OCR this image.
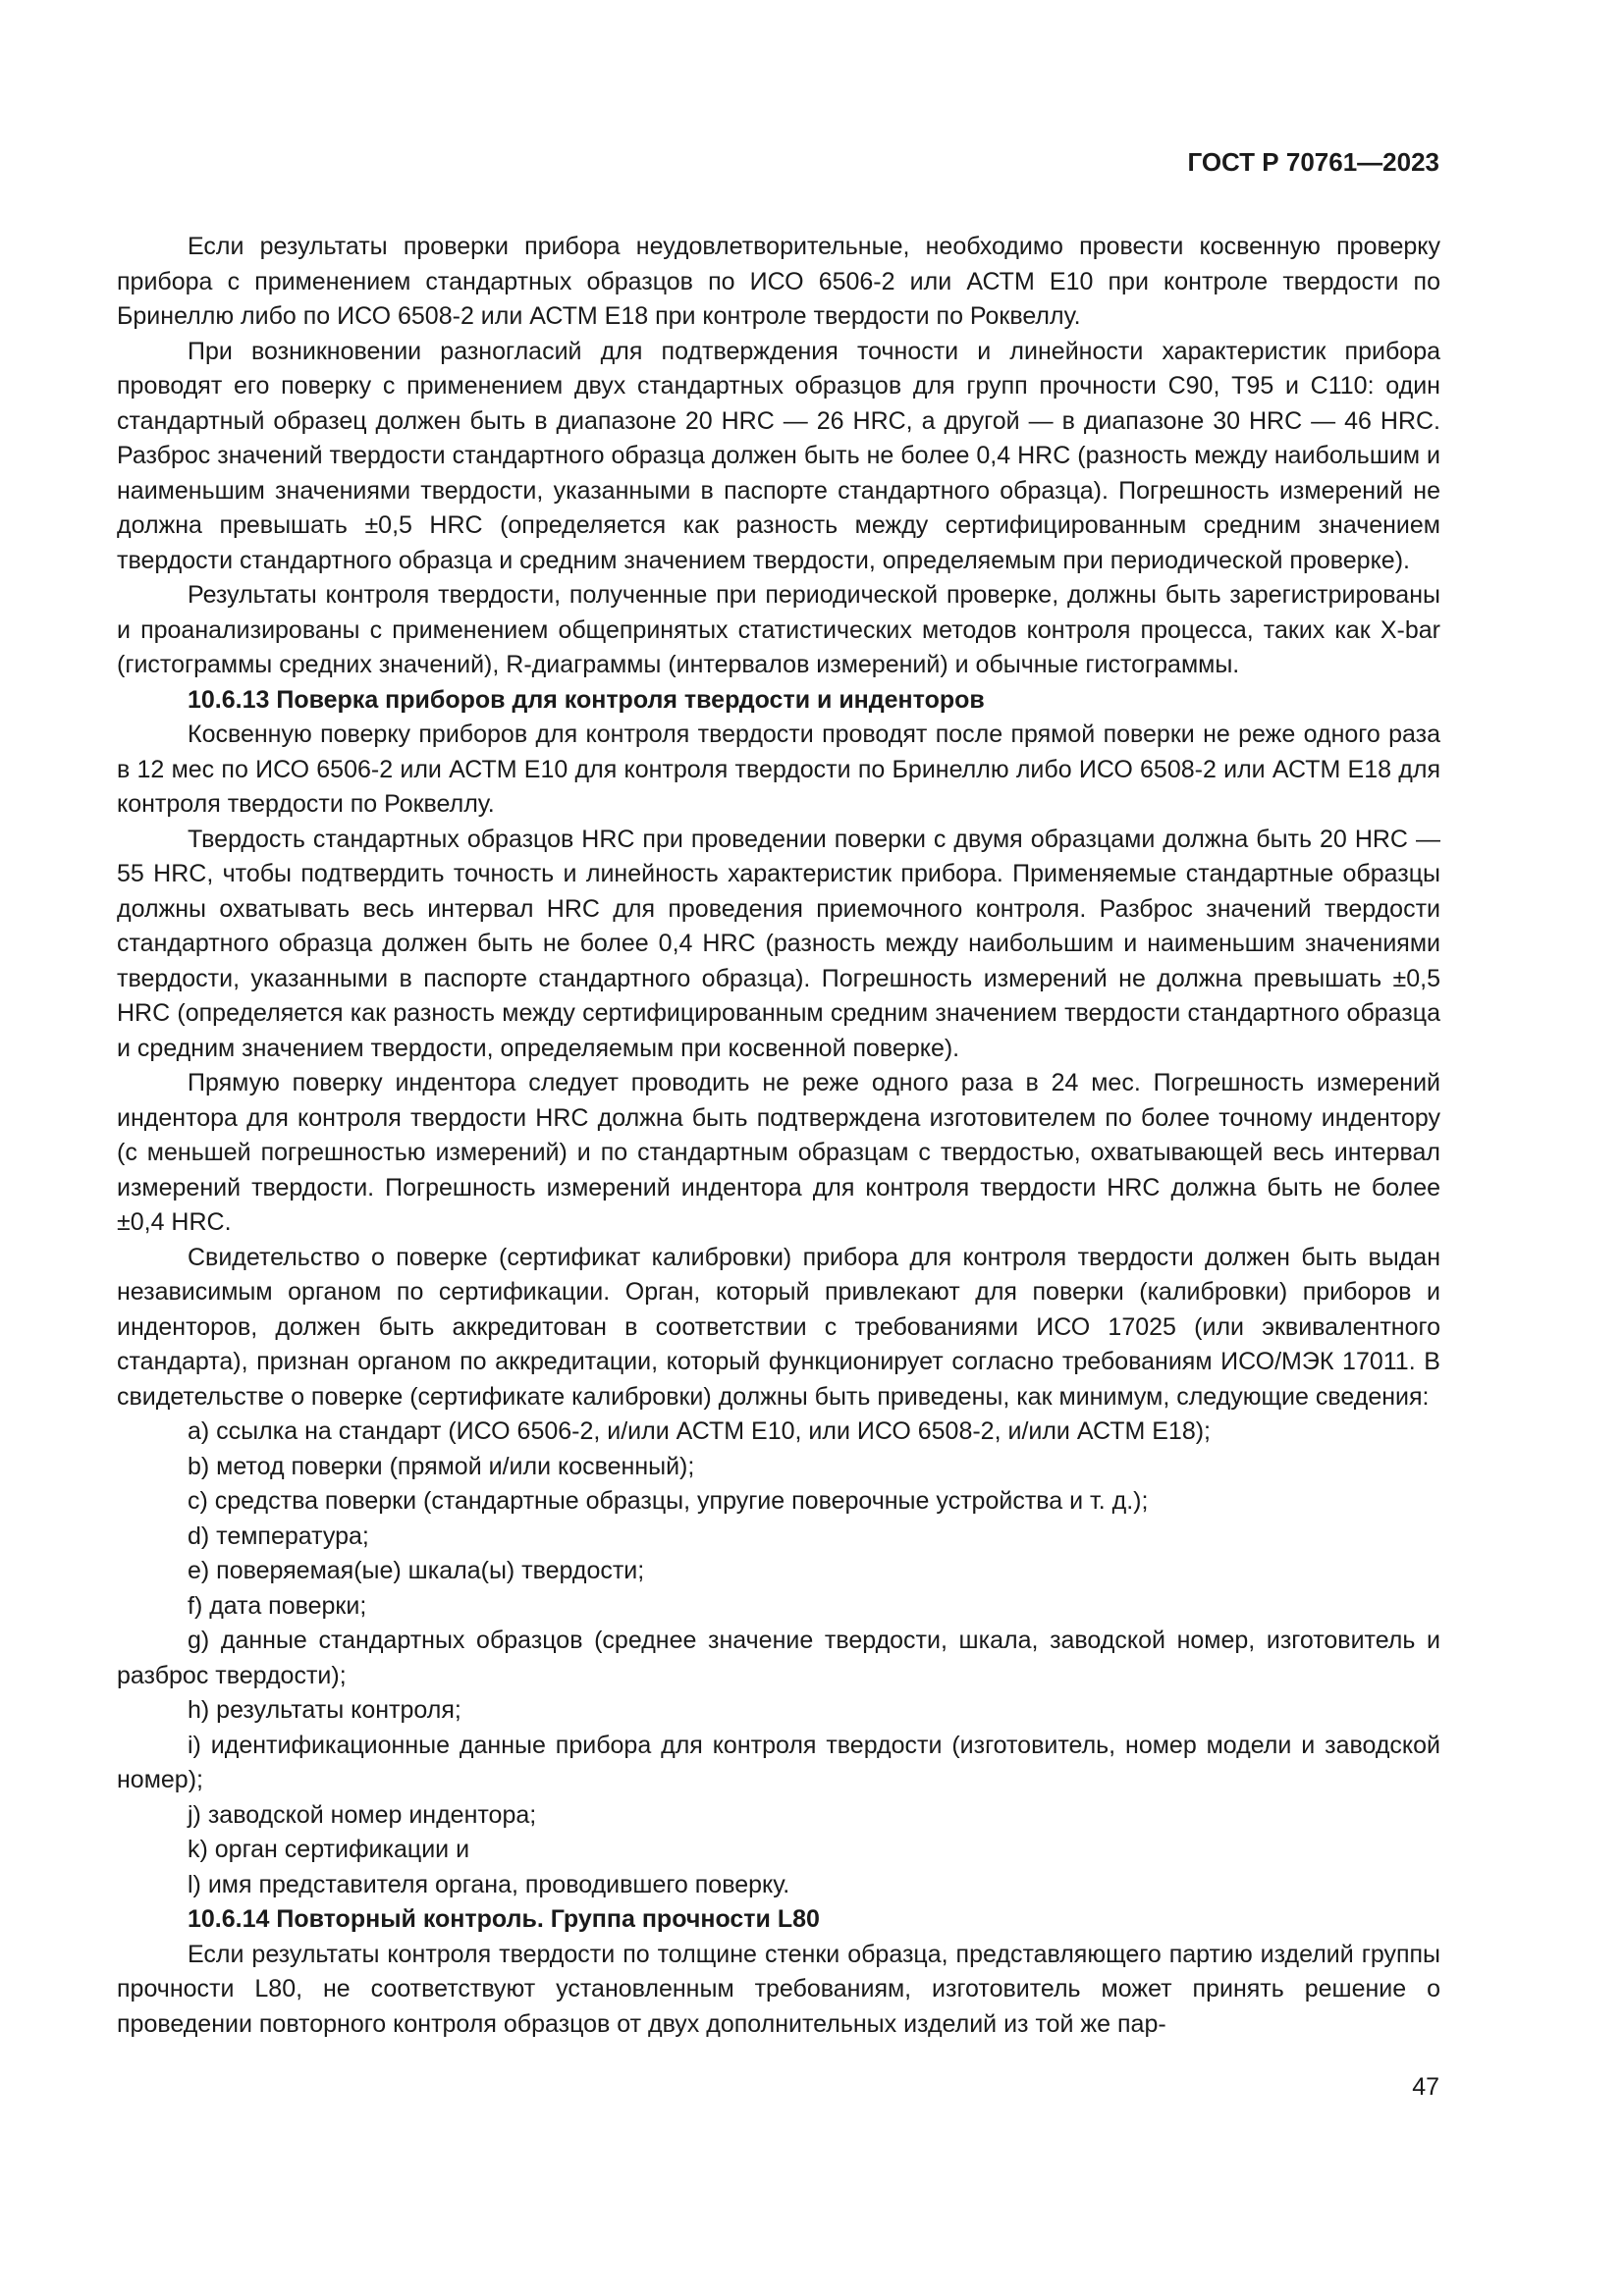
ГОСТ Р 70761—2023

Если результаты проверки прибора неудовлетворительные, необходимо провести косвенную проверку прибора с применением стандартных образцов по ИСО 6506-2 или АСТМ Е10 при контроле твердости по Бринеллю либо по ИСО 6508-2 или АСТМ Е18 при контроле твердости по Роквеллу.

При возникновении разногласий для подтверждения точности и линейности характеристик прибора проводят его поверку с применением двух стандартных образцов для групп прочности С90, Т95 и С110: один стандартный образец должен быть в диапазоне 20 HRC — 26 HRC, а другой — в диапазоне 30 HRC — 46 HRC. Разброс значений твердости стандартного образца должен быть не более 0,4 HRC (разность между наибольшим и наименьшим значениями твердости, указанными в паспорте стандартного образца). Погрешность измерений не должна превышать ±0,5 HRC (определяется как разность между сертифицированным средним значением твердости стандартного образца и средним значением твердости, определяемым при периодической проверке).

Результаты контроля твердости, полученные при периодической проверке, должны быть зарегистрированы и проанализированы с применением общепринятых статистических методов контроля процесса, таких как X-bar (гистограммы средних значений), R-диаграммы (интервалов измерений) и обычные гистограммы.

10.6.13 Поверка приборов для контроля твердости и инденторов

Косвенную поверку приборов для контроля твердости проводят после прямой поверки не реже одного раза в 12 мес по ИСО 6506-2 или АСТМ Е10 для контроля твердости по Бринеллю либо ИСО 6508-2 или АСТМ Е18 для контроля твердости по Роквеллу.

Твердость стандартных образцов HRC при проведении поверки с двумя образцами должна быть 20 HRC — 55 HRC, чтобы подтвердить точность и линейность характеристик прибора. Применяемые стандартные образцы должны охватывать весь интервал HRC для проведения приемочного контроля. Разброс значений твердости стандартного образца должен быть не более 0,4 HRC (разность между наибольшим и наименьшим значениями твердости, указанными в паспорте стандартного образца). Погрешность измерений не должна превышать ±0,5 HRC (определяется как разность между сертифицированным средним значением твердости стандартного образца и средним значением твердости, определяемым при косвенной поверке).

Прямую поверку индентора следует проводить не реже одного раза в 24 мес. Погрешность измерений индентора для контроля твердости HRC должна быть подтверждена изготовителем по более точному индентору (с меньшей погрешностью измерений) и по стандартным образцам с твердостью, охватывающей весь интервал измерений твердости. Погрешность измерений индентора для контроля твердости HRC должна быть не более ±0,4 HRC.

Свидетельство о поверке (сертификат калибровки) прибора для контроля твердости должен быть выдан независимым органом по сертификации. Орган, который привлекают для поверки (калибровки) приборов и инденторов, должен быть аккредитован в соответствии с требованиями ИСО 17025 (или эквивалентного стандарта), признан органом по аккредитации, который функционирует согласно требованиям ИСО/МЭК 17011. В свидетельстве о поверке (сертификате калибровки) должны быть приведены, как минимум, следующие сведения:

a) ссылка на стандарт (ИСО 6506-2, и/или АСТМ Е10, или ИСО 6508-2, и/или АСТМ Е18);

b) метод поверки (прямой и/или косвенный);

c) средства поверки (стандартные образцы, упругие поверочные устройства и т. д.);

d) температура;

e) поверяемая(ые) шкала(ы) твердости;

f) дата поверки;

g) данные стандартных образцов (среднее значение твердости, шкала, заводской номер, изготовитель и разброс твердости);

h) результаты контроля;

i) идентификационные данные прибора для контроля твердости (изготовитель, номер модели и заводской номер);

j) заводской номер индентора;

k) орган сертификации и

l) имя представителя органа, проводившего поверку.

10.6.14 Повторный контроль. Группа прочности L80

Если результаты контроля твердости по толщине стенки образца, представляющего партию изделий группы прочности L80, не соответствуют установленным требованиям, изготовитель может принять решение о проведении повторного контроля образцов от двух дополнительных изделий из той же пар-

47
